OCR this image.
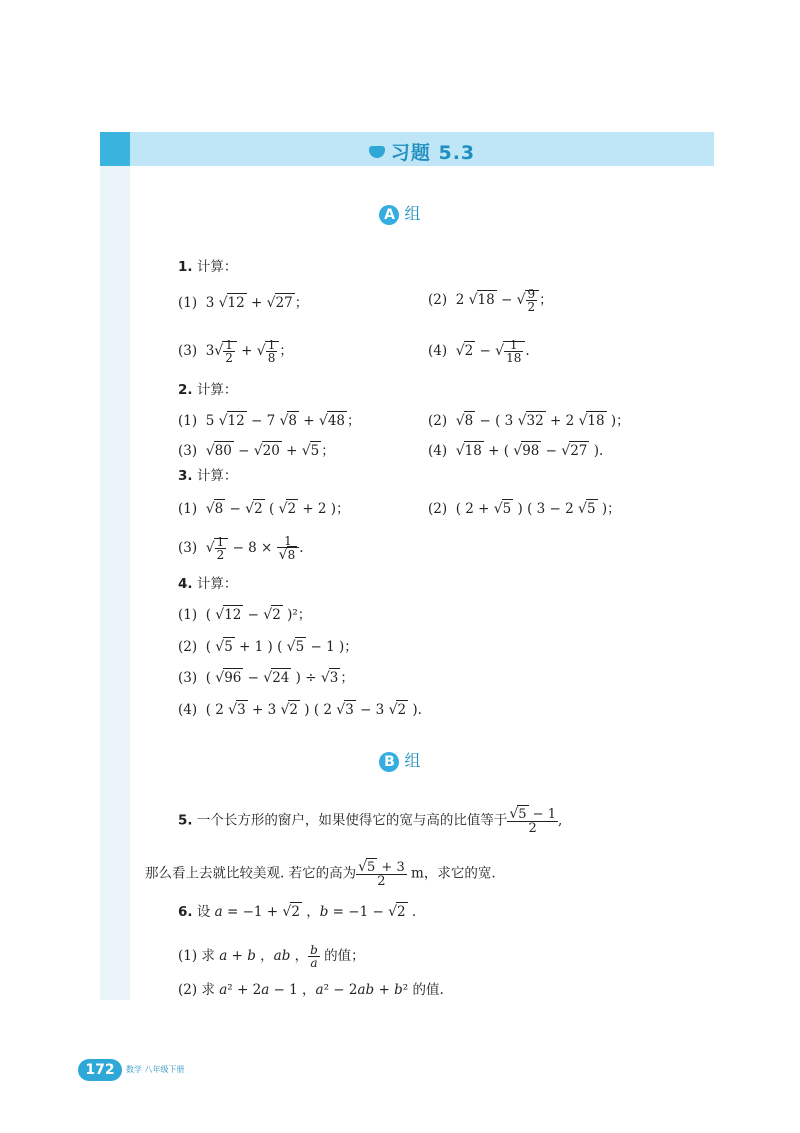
习题 5.3
A 组
1. 计算：
(1)  3 √12 + √27 ；	(2)  2 √18 − √ $\frac{9}{2}$ ；
(3)  $3√ \frac{1}{2}$ + √ $\frac{1}{8}$ ；	(4) √2 − √ $\frac{1}{18}$ .
2. 计算：
(1)  5 √12 − 7 √8 + √48 ；	(2) √8 − ( 3 √32 + 2 √18 )；
(3) √80 − √20 + √5 ；	(4) √18 + ( √98 − √27 ).
3. 计算：
(1) √8 − √2 ( √2 + 2 )；	(2)  ( 2 + √5 ) ( 3 − 2 √5 )；
(3) √ $\frac{1}{2} - 8 \times \frac{1}{√8}$ .
4. 计算：
(1)  ( √12 − √2 )²；
(2)  ( √5 + 1 ) ( √5 − 1 )；
(3)  ( √96 − √24 ) ÷ √3 ；
(4)  ( 2 √3 + 3 √2 ) ( 2 √3 − 3 √2 ).
B 组
5. 一个长方形的窗户，如果使得它的宽与高的比值等于 $\frac{√5 - 1}{2}$ ,
那么看上去就比较美观. 若它的高为 $\frac{√5 + 3}{2}$ m，求它的宽.
6. 设 a = −1 + √2 ，b = −1 − √2 .
(1) 求 a + b ，ab ， $\frac{b}{a}$ 的值；
(2) 求 a² + 2a − 1 ，a² − 2ab + b² 的值.
172	数学 八年级下册
